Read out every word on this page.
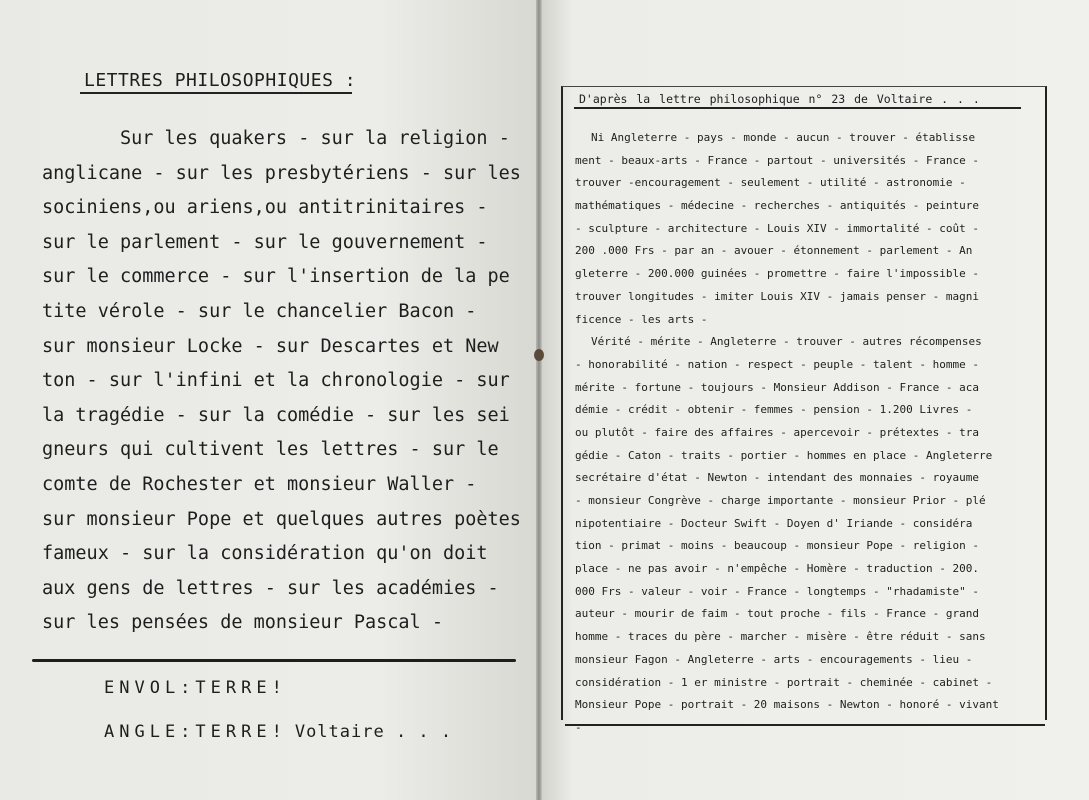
LETTRES PHILOSOPHIQUES :
Sur les quakers - sur la religion -
anglicane - sur les presbytériens - sur les
sociniens,ou ariens,ou antitrinitaires -
sur le parlement - sur le gouvernement -
sur le commerce - sur l'insertion de la pe
tite vérole - sur le chancelier Bacon -
sur monsieur Locke - sur Descartes et New
ton - sur l'infini et la chronologie - sur
la tragédie - sur la comédie - sur les sei
gneurs qui cultivent les lettres - sur le
comte de Rochester et monsieur Waller -
sur monsieur Pope et quelques autres poètes
fameux - sur la considération qu'on doit
aux gens de lettres - sur les académies -
sur les pensées de monsieur Pascal -
ENVOL:TERRE!
ANGLE:TERRE! Voltaire . . .
D'après la lettre philosophique n° 23 de Voltaire . . .
Ni Angleterre - pays - monde - aucun - trouver - établisse
ment - beaux-arts - France - partout - universités - France -
trouver -encouragement - seulement - utilité - astronomie -
mathématiques - médecine - recherches - antiquités - peinture
- sculpture - architecture - Louis XIV - immortalité - coût -
200 .000 Frs - par an - avouer - étonnement - parlement - An
gleterre - 200.000 guinées - promettre - faire l'impossible -
trouver longitudes - imiter Louis XIV - jamais penser - magni
ficence - les arts -
Vérité - mérite - Angleterre - trouver - autres récompenses
- honorabilité - nation - respect - peuple - talent - homme -
mérite - fortune - toujours - Monsieur Addison - France - aca
démie - crédit - obtenir - femmes - pension - 1.200 Livres -
ou plutôt - faire des affaires - apercevoir - prétextes - tra
gédie - Caton - traits - portier - hommes en place - Angleterre
secrétaire d'état - Newton - intendant des monnaies - royaume
- monsieur Congrève - charge importante - monsieur Prior - plé
nipotentiaire - Docteur Swift - Doyen d' Iriande - considéra
tion - primat - moins - beaucoup - monsieur Pope - religion -
place - ne pas avoir - n'empêche - Homère - traduction - 200.
000 Frs - valeur - voir - France - longtemps - "rhadamiste" -
auteur - mourir de faim - tout proche - fils - France - grand
homme - traces du père - marcher - misère - être réduit - sans
monsieur Fagon - Angleterre - arts - encouragements - lieu -
considération - 1 er ministre - portrait - cheminée - cabinet -
Monsieur Pope - portrait - 20 maisons - Newton - honoré - vivant
-
